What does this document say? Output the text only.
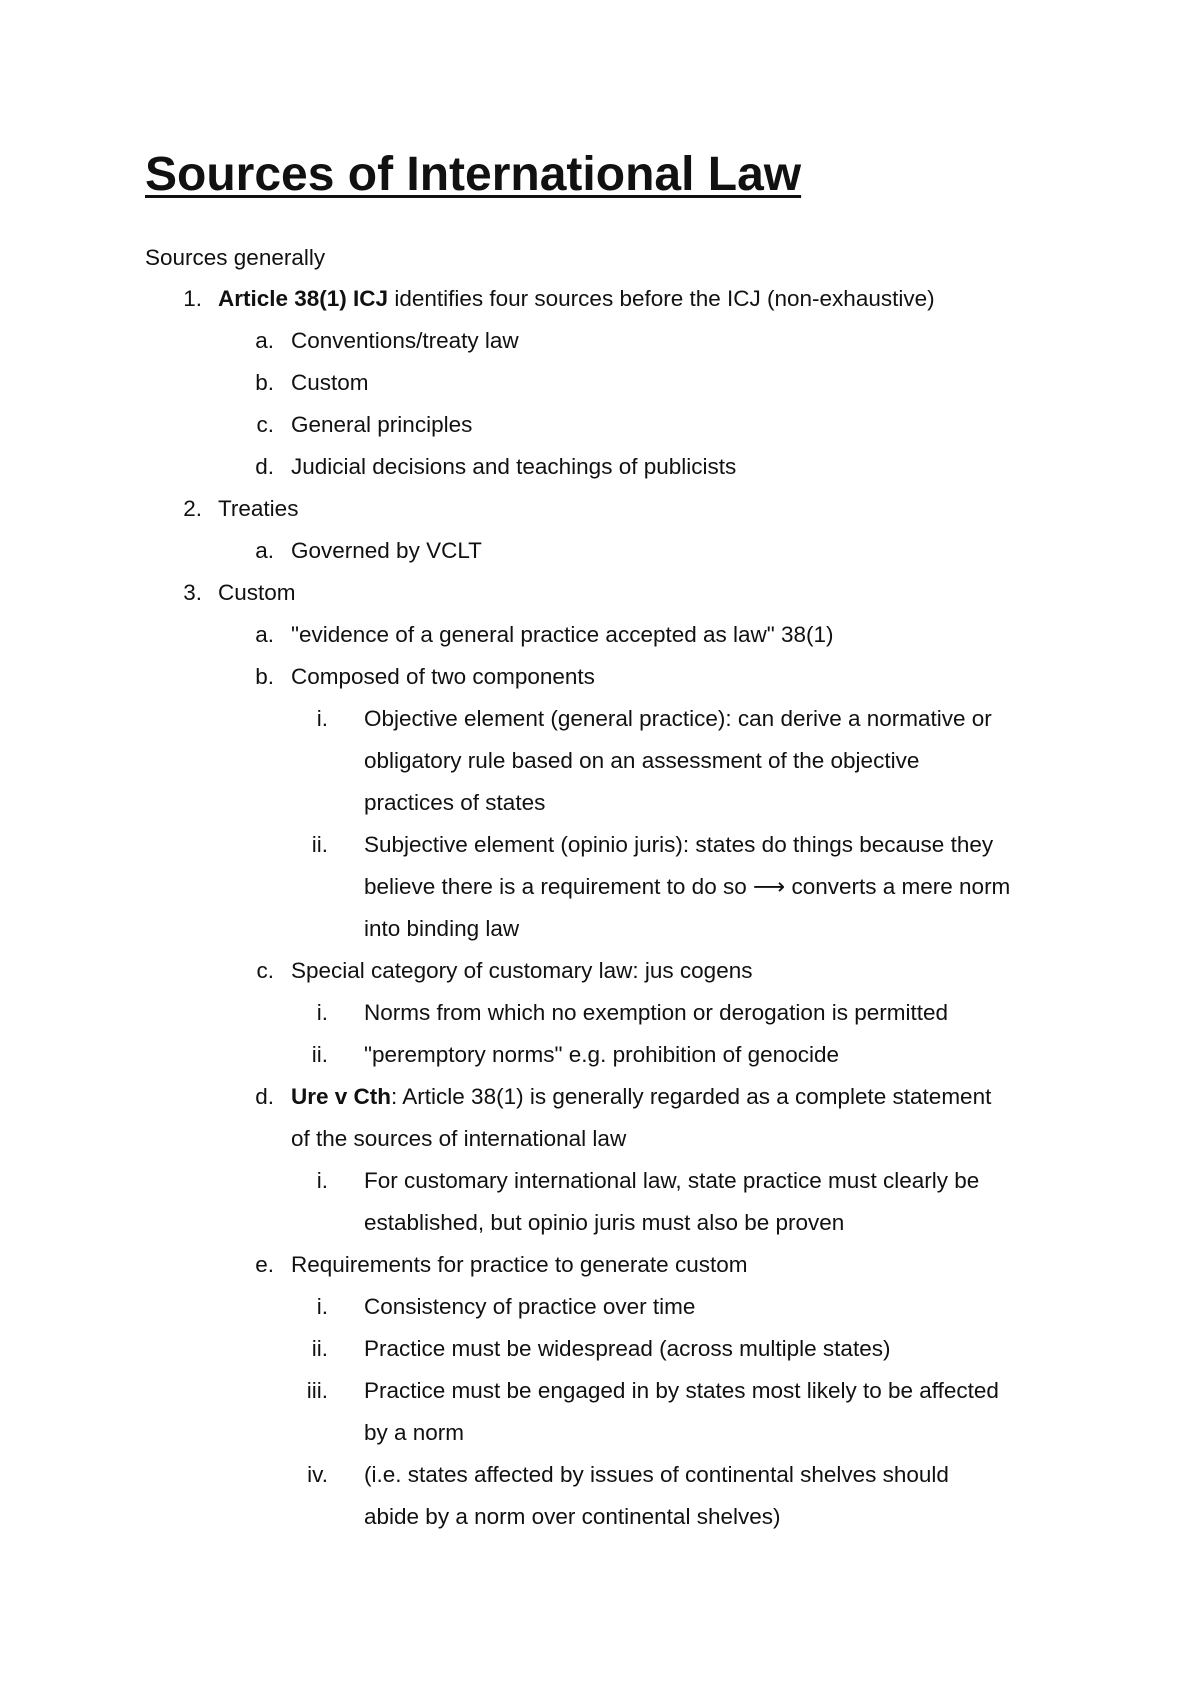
Sources of International Law
Sources generally
1. Article 38(1) ICJ identifies four sources before the ICJ (non-exhaustive)
a. Conventions/treaty law
b. Custom
c. General principles
d. Judicial decisions and teachings of publicists
2. Treaties
a. Governed by VCLT
3. Custom
a. "evidence of a general practice accepted as law" 38(1)
b. Composed of two components
i. Objective element (general practice): can derive a normative or
obligatory rule based on an assessment of the objective
practices of states
ii. Subjective element (opinio juris): states do things because they
believe there is a requirement to do so ⟶ converts a mere norm
into binding law
c. Special category of customary law: jus cogens
i. Norms from which no exemption or derogation is permitted
ii. "peremptory norms" e.g. prohibition of genocide
d. Ure v Cth: Article 38(1) is generally regarded as a complete statement
of the sources of international law
i. For customary international law, state practice must clearly be
established, but opinio juris must also be proven
e. Requirements for practice to generate custom
i. Consistency of practice over time
ii. Practice must be widespread (across multiple states)
iii. Practice must be engaged in by states most likely to be affected
by a norm
iv. (i.e. states affected by issues of continental shelves should
abide by a norm over continental shelves)
